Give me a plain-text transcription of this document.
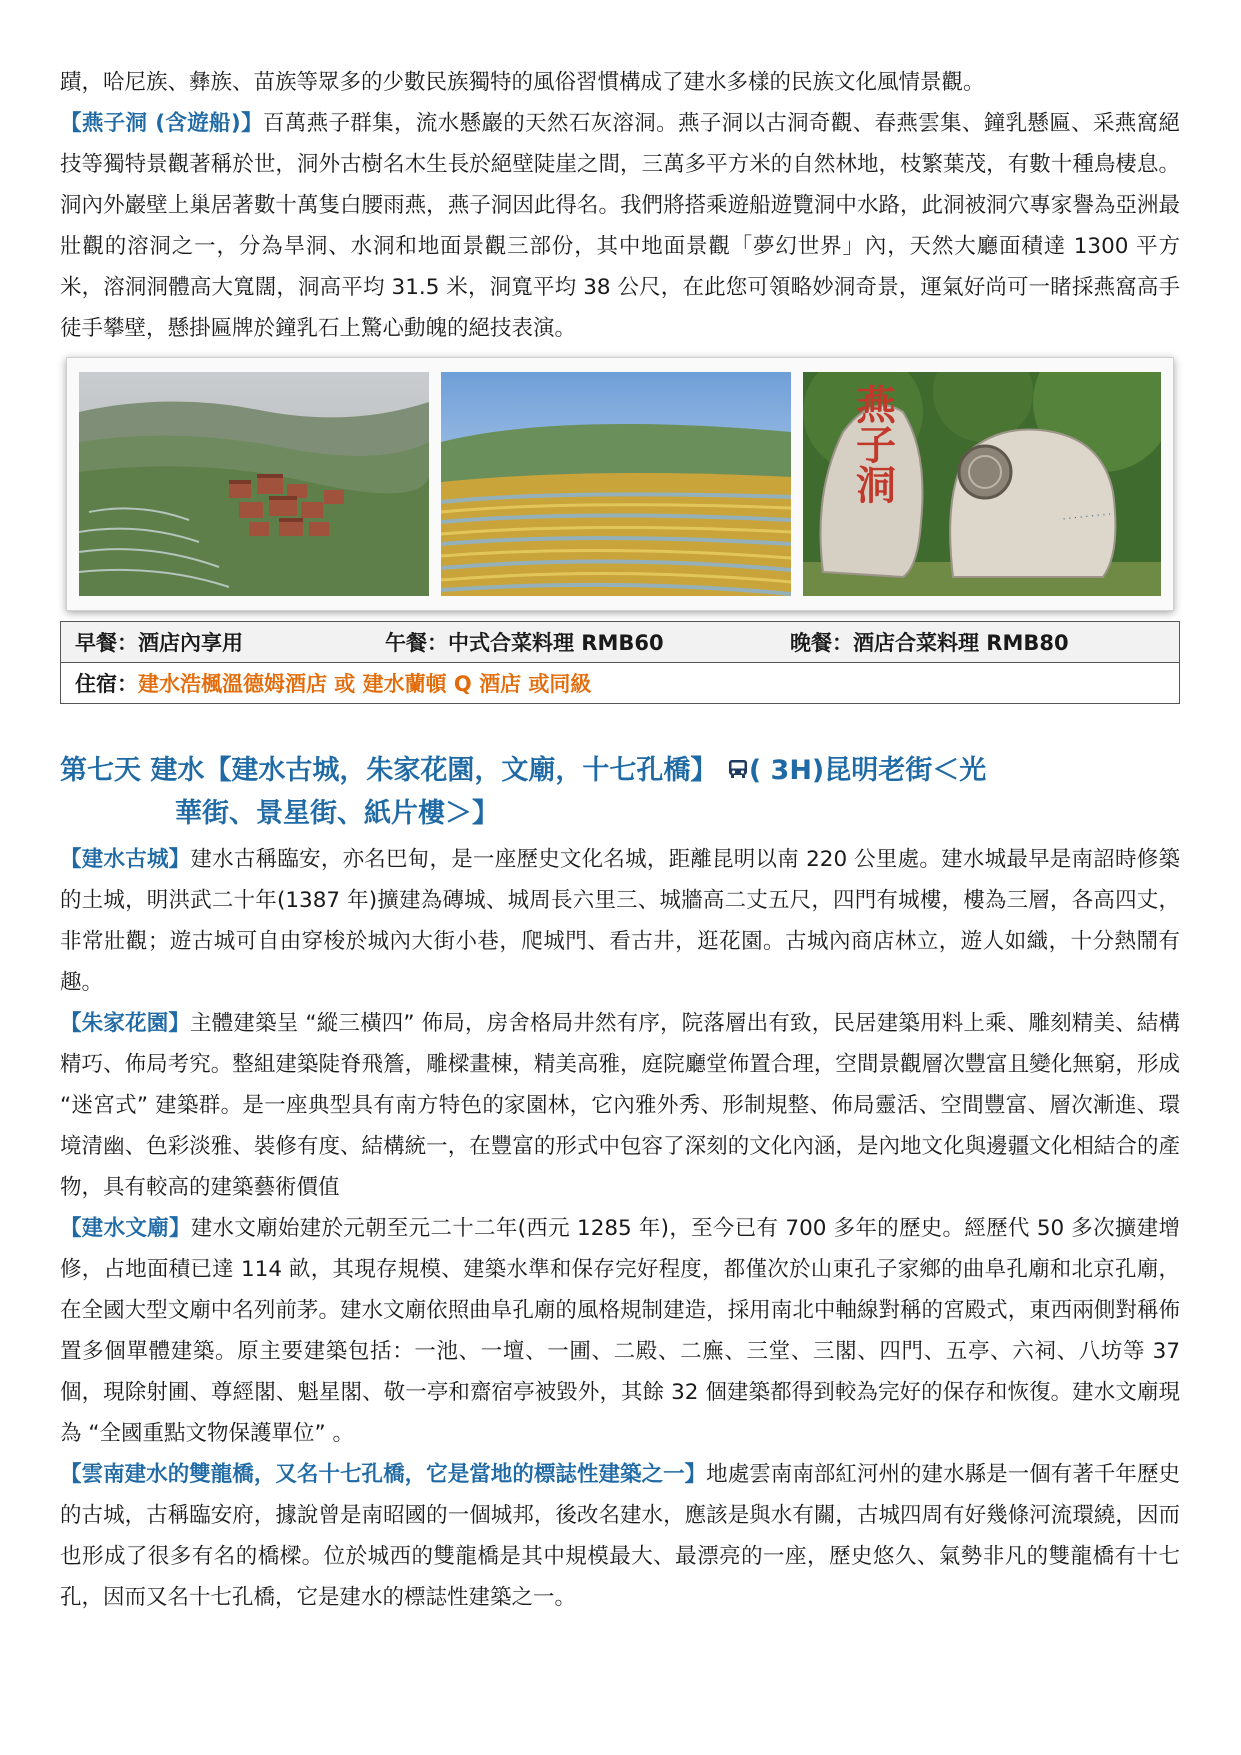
蹟，哈尼族、彝族、苗族等眾多的少數民族獨特的風俗習慣構成了建水多樣的民族文化風情景觀。

【燕子洞 (含遊船)】百萬燕子群集，流水懸巖的天然石灰溶洞。燕子洞以古洞奇觀、春燕雲集、鐘乳懸匾、采燕窩絕技等獨特景觀著稱於世，洞外古樹名木生長於絕壁陡崖之間，三萬多平方米的自然林地，枝繁葉茂，有數十種鳥棲息。洞內外巖壁上巢居著數十萬隻白腰雨燕，燕子洞因此得名。我們將搭乘遊船遊覽洞中水路，此洞被洞穴專家譽為亞洲最壯觀的溶洞之一，分為旱洞、水洞和地面景觀三部份，其中地面景觀「夢幻世界」內，天然大廳面積達 1300 平方米，溶洞洞體高大寬闊，洞高平均 31.5 米，洞寬平均 38 公尺，在此您可領略妙洞奇景，運氣好尚可一睹採燕窩高手徒手攀壁，懸掛匾牌於鐘乳石上驚心動魄的絕技表演。

燕子洞
· · · · · · · · ·
早餐：酒店內享用	午餐：中式合菜料理 RMB60	晚餐：酒店合菜料理 RMB80
住宿：建水浩楓溫德姆酒店 或 建水蘭頓 Q 酒店 或同級
第七天 建水【建水古城，朱家花園，文廟，十七孔橋】 ( 3H)昆明老街＜光
華街、景星街、紙片樓＞】

【建水古城】建水古稱臨安，亦名巴甸，是一座歷史文化名城，距離昆明以南 220 公里處。建水城最早是南詔時修築的土城，明洪武二十年(1387 年)擴建為磚城、城周長六里三、城牆高二丈五尺，四門有城樓，樓為三層，各高四丈，非常壯觀；遊古城可自由穿梭於城內大街小巷，爬城門、看古井，逛花園。古城內商店林立，遊人如織，十分熱鬧有趣。

【朱家花園】主體建築呈 “縱三橫四” 佈局，房舍格局井然有序，院落層出有致，民居建築用料上乘、雕刻精美、結構精巧、佈局考究。整組建築陡脊飛簷，雕樑畫棟，精美高雅，庭院廳堂佈置合理，空間景觀層次豐富且變化無窮，形成 “迷宮式” 建築群。是一座典型具有南方特色的家園林，它內雅外秀、形制規整、佈局靈活、空間豐富、層次漸進、環境清幽、色彩淡雅、裝修有度、結構統一，在豐富的形式中包容了深刻的文化內涵，是內地文化與邊疆文化相結合的產物，具有較高的建築藝術價值

【建水文廟】建水文廟始建於元朝至元二十二年(西元 1285 年)，至今已有 700 多年的歷史。經歷代 50 多次擴建增修，占地面積已達 114 畝，其現存規模、建築水準和保存完好程度，都僅次於山東孔子家鄉的曲阜孔廟和北京孔廟，在全國大型文廟中名列前茅。建水文廟依照曲阜孔廟的風格規制建造，採用南北中軸線對稱的宮殿式，東西兩側對稱佈置多個單體建築。原主要建築包括：一池、一壇、一圃、二殿、二廡、三堂、三閣、四門、五亭、六祠、八坊等 37 個，現除射圃、尊經閣、魁星閣、敬一亭和齋宿亭被毀外，其餘 32 個建築都得到較為完好的保存和恢復。建水文廟現為 “全國重點文物保護單位” 。

【雲南建水的雙龍橋，又名十七孔橋，它是當地的標誌性建築之一】地處雲南南部紅河州的建水縣是一個有著千年歷史的古城，古稱臨安府，據說曾是南昭國的一個城邦，後改名建水，應該是與水有關，古城四周有好幾條河流環繞，因而也形成了很多有名的橋樑。位於城西的雙龍橋是其中規模最大、最漂亮的一座，歷史悠久、氣勢非凡的雙龍橋有十七孔，因而又名十七孔橋，它是建水的標誌性建築之一。
